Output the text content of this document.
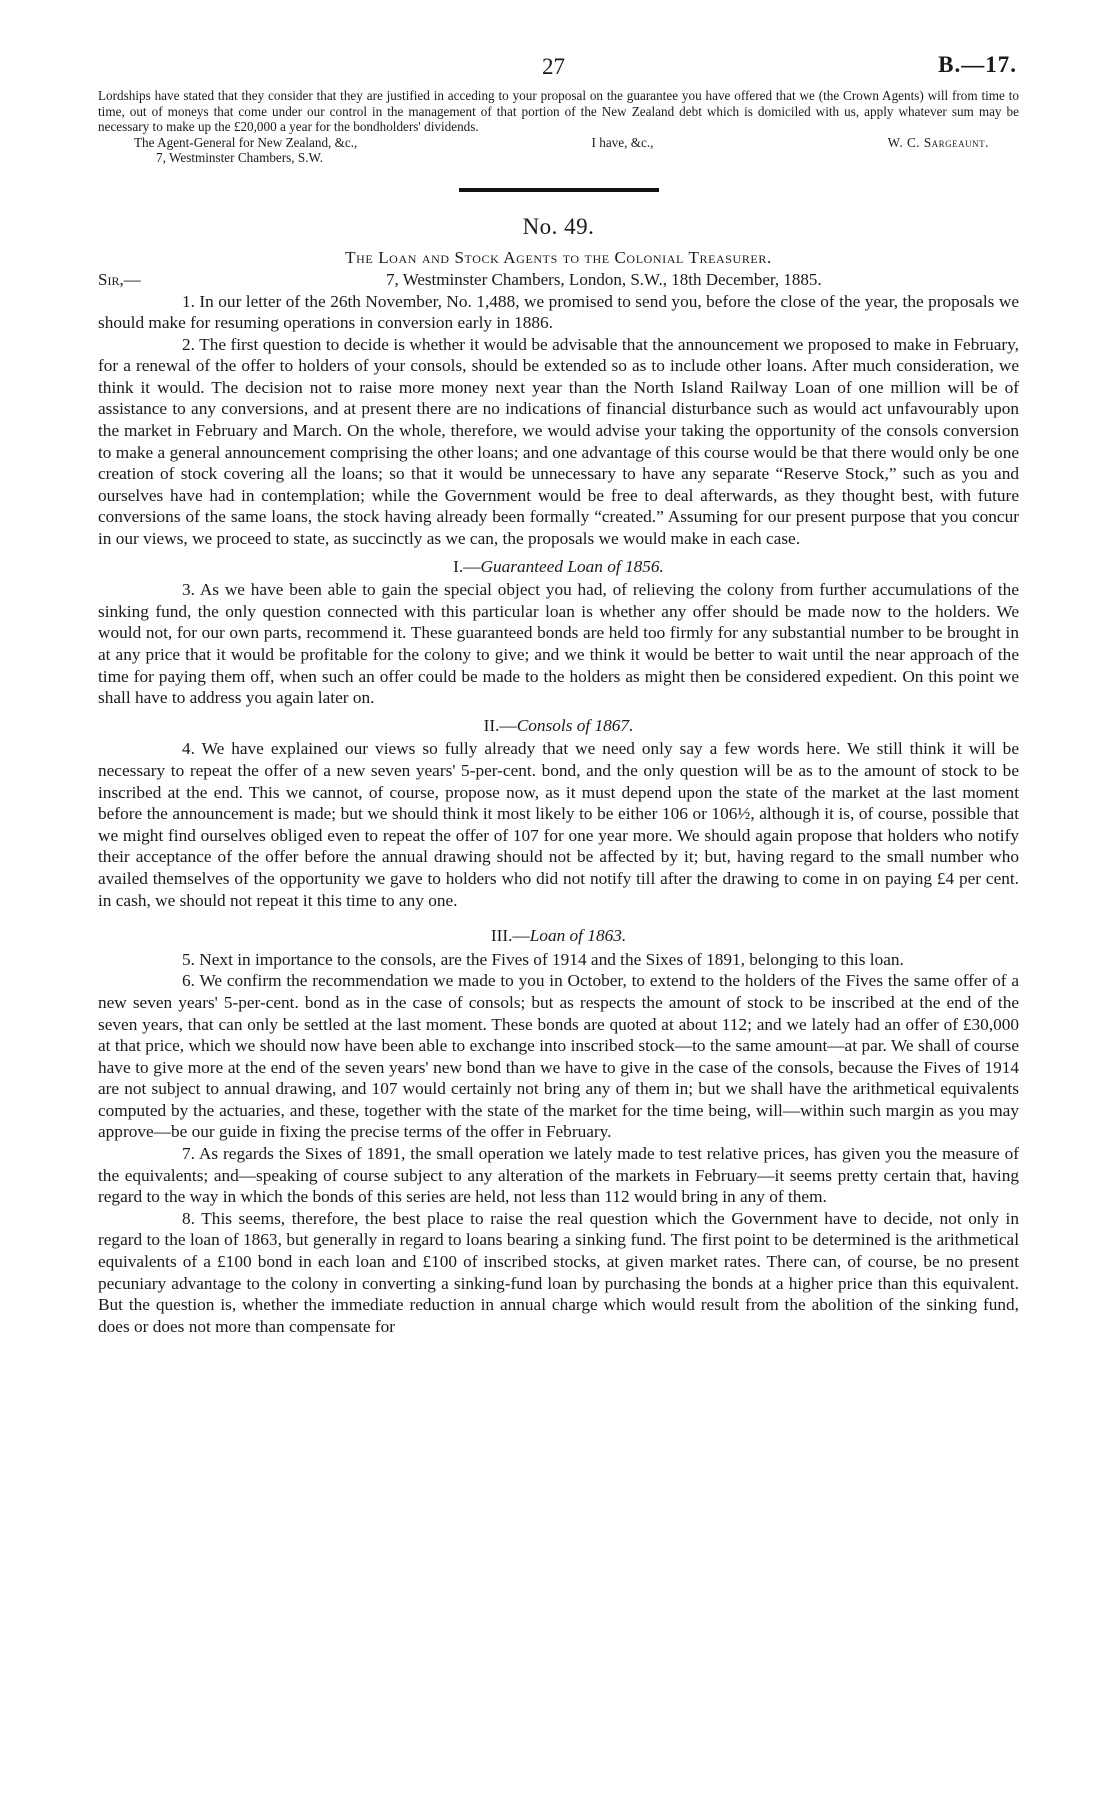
27	B.—17.

Lordships have stated that they consider that they are justified in acceding to your proposal on the guarantee you have offered that we (the Crown Agents) will from time to time, out of moneys that come under our control in the management of that portion of the New Zealand debt which is domiciled with us, apply whatever sum may be necessary to make up the £20,000 a year for the bondholders' dividends.

The Agent-General for New Zealand, &c.,	I have, &c.,	W. C. Sargeaunt.
7, Westminster Chambers, S.W.
No. 49.
The Loan and Stock Agents to the Colonial Treasurer.
Sir,—	7, Westminster Chambers, London, S.W., 18th December, 1885.

1. In our letter of the 26th November, No. 1,488, we promised to send you, before the close of the year, the proposals we should make for resuming operations in conversion early in 1886.

2. The first question to decide is whether it would be advisable that the announcement we proposed to make in February, for a renewal of the offer to holders of your consols, should be extended so as to include other loans. After much consideration, we think it would. The decision not to raise more money next year than the North Island Railway Loan of one million will be of assistance to any conversions, and at present there are no indications of financial disturbance such as would act unfavourably upon the market in February and March. On the whole, therefore, we would advise your taking the opportunity of the consols conversion to make a general announcement comprising the other loans; and one advantage of this course would be that there would only be one creation of stock covering all the loans; so that it would be unnecessary to have any separate “Reserve Stock,” such as you and ourselves have had in contemplation; while the Government would be free to deal afterwards, as they thought best, with future conversions of the same loans, the stock having already been formally “created.” Assuming for our present purpose that you concur in our views, we proceed to state, as succinctly as we can, the proposals we would make in each case.

I.—Guaranteed Loan of 1856.

3. As we have been able to gain the special object you had, of relieving the colony from further accumulations of the sinking fund, the only question connected with this particular loan is whether any offer should be made now to the holders. We would not, for our own parts, recommend it. These guaranteed bonds are held too firmly for any substantial number to be brought in at any price that it would be profitable for the colony to give; and we think it would be better to wait until the near approach of the time for paying them off, when such an offer could be made to the holders as might then be considered expedient. On this point we shall have to address you again later on.

II.—Consols of 1867.

4. We have explained our views so fully already that we need only say a few words here. We still think it will be necessary to repeat the offer of a new seven years' 5-per-cent. bond, and the only question will be as to the amount of stock to be inscribed at the end. This we cannot, of course, propose now, as it must depend upon the state of the market at the last moment before the announcement is made; but we should think it most likely to be either 106 or 106½, although it is, of course, possible that we might find ourselves obliged even to repeat the offer of 107 for one year more. We should again propose that holders who notify their acceptance of the offer before the annual drawing should not be affected by it; but, having regard to the small number who availed themselves of the opportunity we gave to holders who did not notify till after the drawing to come in on paying £4 per cent. in cash, we should not repeat it this time to any one.

III.—Loan of 1863.

5. Next in importance to the consols, are the Fives of 1914 and the Sixes of 1891, belonging to this loan.

6. We confirm the recommendation we made to you in October, to extend to the holders of the Fives the same offer of a new seven years' 5-per-cent. bond as in the case of consols; but as respects the amount of stock to be inscribed at the end of the seven years, that can only be settled at the last moment. These bonds are quoted at about 112; and we lately had an offer of £30,000 at that price, which we should now have been able to exchange into inscribed stock—to the same amount—at par. We shall of course have to give more at the end of the seven years' new bond than we have to give in the case of the consols, because the Fives of 1914 are not subject to annual drawing, and 107 would certainly not bring any of them in; but we shall have the arithmetical equivalents computed by the actuaries, and these, together with the state of the market for the time being, will—within such margin as you may approve—be our guide in fixing the precise terms of the offer in February.

7. As regards the Sixes of 1891, the small operation we lately made to test relative prices, has given you the measure of the equivalents; and—speaking of course subject to any alteration of the markets in February—it seems pretty certain that, having regard to the way in which the bonds of this series are held, not less than 112 would bring in any of them.

8. This seems, therefore, the best place to raise the real question which the Government have to decide, not only in regard to the loan of 1863, but generally in regard to loans bearing a sinking fund. The first point to be determined is the arithmetical equivalents of a £100 bond in each loan and £100 of inscribed stocks, at given market rates. There can, of course, be no present pecuniary advantage to the colony in converting a sinking-fund loan by purchasing the bonds at a higher price than this equivalent. But the question is, whether the immediate reduction in annual charge which would result from the abolition of the sinking fund, does or does not more than compensate for
